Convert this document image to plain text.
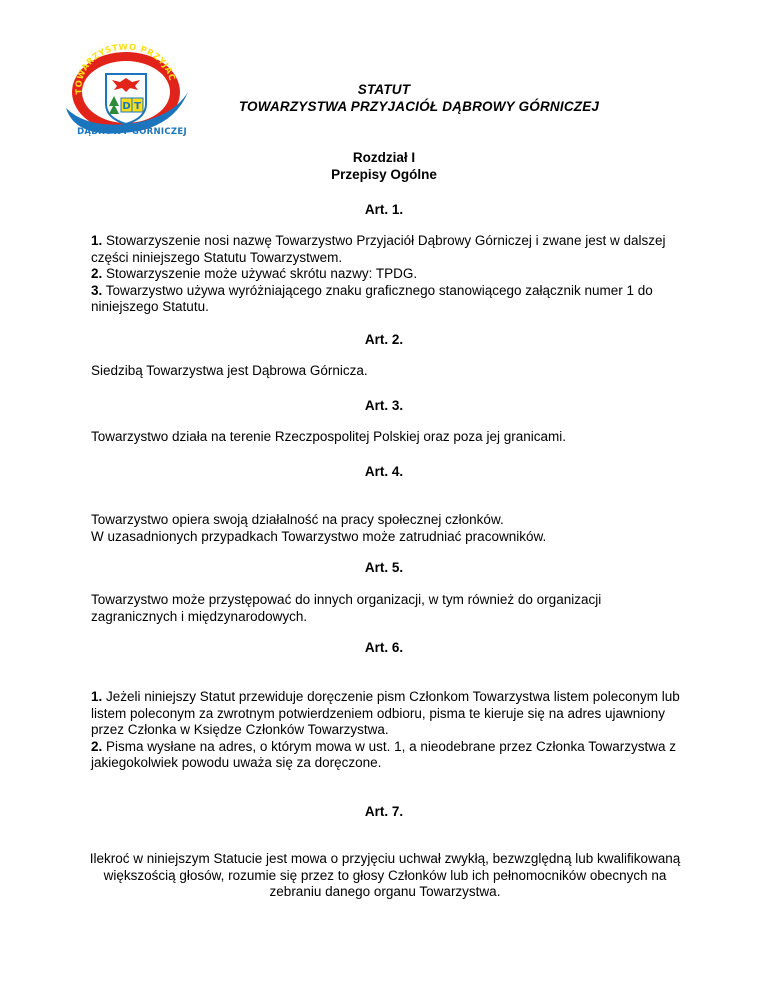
TOWARZYSTWO PRZYJAC
D T
DĄBROWY GÓRNICZEJ
STATUT
TOWARZYSTWA PRZYJACIÓŁ DĄBROWY GÓRNICZEJ
Rozdział I
Przepisy Ogólne
Art. 1.
1. Stowarzyszenie nosi nazwę Towarzystwo Przyjaciół Dąbrowy Górniczej i zwane jest w dalszej części niniejszego Statutu Towarzystwem.
2. Stowarzyszenie może używać skrótu nazwy: TPDG.
3. Towarzystwo używa wyróżniającego znaku graficznego stanowiącego załącznik numer 1 do niniejszego Statutu.
Art. 2.
Siedzibą Towarzystwa jest Dąbrowa Górnicza.
Art. 3.
Towarzystwo działa na terenie Rzeczpospolitej Polskiej oraz poza jej granicami.
Art. 4.
Towarzystwo opiera swoją działalność na pracy społecznej członków.
W uzasadnionych przypadkach Towarzystwo może zatrudniać pracowników.
Art. 5.
Towarzystwo może przystępować do innych organizacji, w tym również do organizacji zagranicznych i międzynarodowych.
Art. 6.
1. Jeżeli niniejszy Statut przewiduje doręczenie pism Członkom Towarzystwa listem poleconym lub listem poleconym za zwrotnym potwierdzeniem odbioru, pisma te kieruje się na adres ujawniony przez Członka w Księdze Członków Towarzystwa.
2. Pisma wysłane na adres, o którym mowa w ust. 1, a nieodebrane przez Członka Towarzystwa z jakiegokolwiek powodu uważa się za doręczone.
Art. 7.
Ilekroć w niniejszym Statucie jest mowa o przyjęciu uchwał zwykłą, bezwzględną lub kwalifikowaną większością głosów, rozumie się przez to głosy Członków lub ich pełnomocników obecnych na zebraniu danego organu Towarzystwa.
